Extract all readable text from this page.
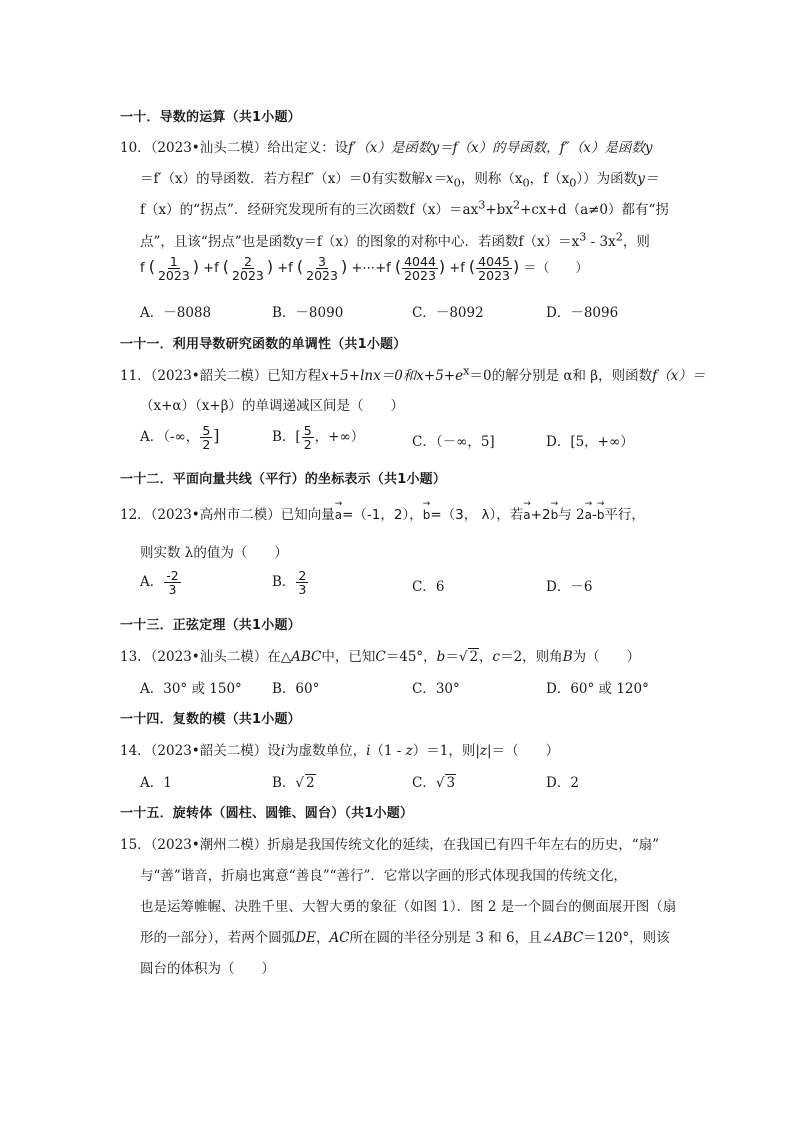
一十．导数的运算（共1小题）
10．（2023•汕头二模）给出定义：设f′（x）是函数y＝f（x）的导函数，f″（x）是函数y
＝f′（x）的导函数．若方程f″（x）＝0有实数解$x=x_0$，则称（$x_0$，$f(x_0)$）为函数y＝
f（x）的“拐点”．经研究发现所有的三次函数$f(x)=ax^3+bx^2+cx+d(a\ne 0)$都有“拐
点”，且该“拐点”也是函数y＝f（x）的图象的对称中心．若函数$f(x)=x^3 - 3x^2$，则
f ( $\frac{1}{2023}$ ) +f ( $\frac{2}{2023}$ ) +f ( $\frac{3}{2023}$ ) +⋯+f ( $\frac{4044}{2023}$ ) +f ( $\frac{4045}{2023}$ ) ＝（　　）
A．－8088	B．－8090	C．－8092	D．－8096
一十一．利用导数研究函数的单调性（共1小题）
11．（2023•韶关二模）已知方程x+5+lnx＝0和$x+5+e^x=0$的解分别是 α和 β，则函数f（x）＝
（x+α）（x+β）的单调递减区间是（　　）
A．（-∞， $\frac{5}{2}$ ]	B．[ $\frac{5}{2}$ ，+∞）	C．（－∞，5]	D．[5，+∞）
一十二．平面向量共线（平行）的坐标表示（共1小题）
12．（2023•高州市二模）已知向量→ a=（-1，2），→ b=（3， λ），若→ a+2→ b与 2→ a-→ b平行，
则实数 λ的值为（　　）
A． $\frac{-2}{3}$	B． $\frac{2}{3}$	C．6	D．－6
一十三．正弦定理（共1小题）
13．（2023•汕头二模）在△ABC中，已知C＝45°，b＝√ 2，c＝2，则角B为（　　）
A．30° 或 150° B．60°	C．30°	D．60° 或 120°
一十四．复数的模（共1小题）
14．（2023•韶关二模）设i为虚数单位，i（1 - z）＝1，则|z|＝（　　）
A．1	B．√ 2	C．√ 3	D．2
一十五．旋转体（圆柱、圆锥、圆台）（共1小题）
15．（2023•潮州二模）折扇是我国传统文化的延续，在我国已有四千年左右的历史，“扇”
与“善”谐音，折扇也寓意“善良”“善行”．它常以字画的形式体现我国的传统文化，
也是运筹帷幄、决胜千里、大智大勇的象征（如图 1）．图 2 是一个圆台的侧面展开图（扇
形的一部分），若两个圆弧DE，AC所在圆的半径分别是 3 和 6，且∠ABC＝120°，则该
圆台的体积为（　　）
